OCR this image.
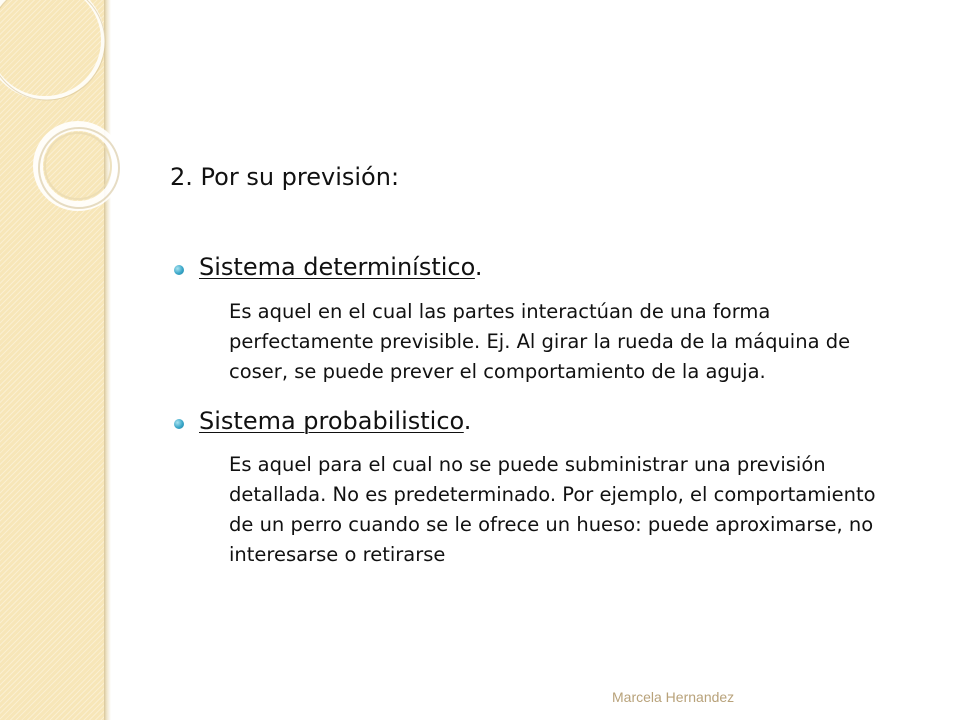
2. Por su previsión:

Sistema determinístico.

Es aquel en el cual las partes interactúan de una forma perfectamente previsible. Ej. Al girar la rueda de la máquina de coser, se puede prever el comportamiento de la aguja.

Sistema probabilistico.

Es aquel para el cual no se puede subministrar una previsión detallada. No es predeterminado. Por ejemplo, el comportamiento de un perro cuando se le ofrece un hueso: puede aproximarse, no interesarse o retirarse

Marcela Hernandez
